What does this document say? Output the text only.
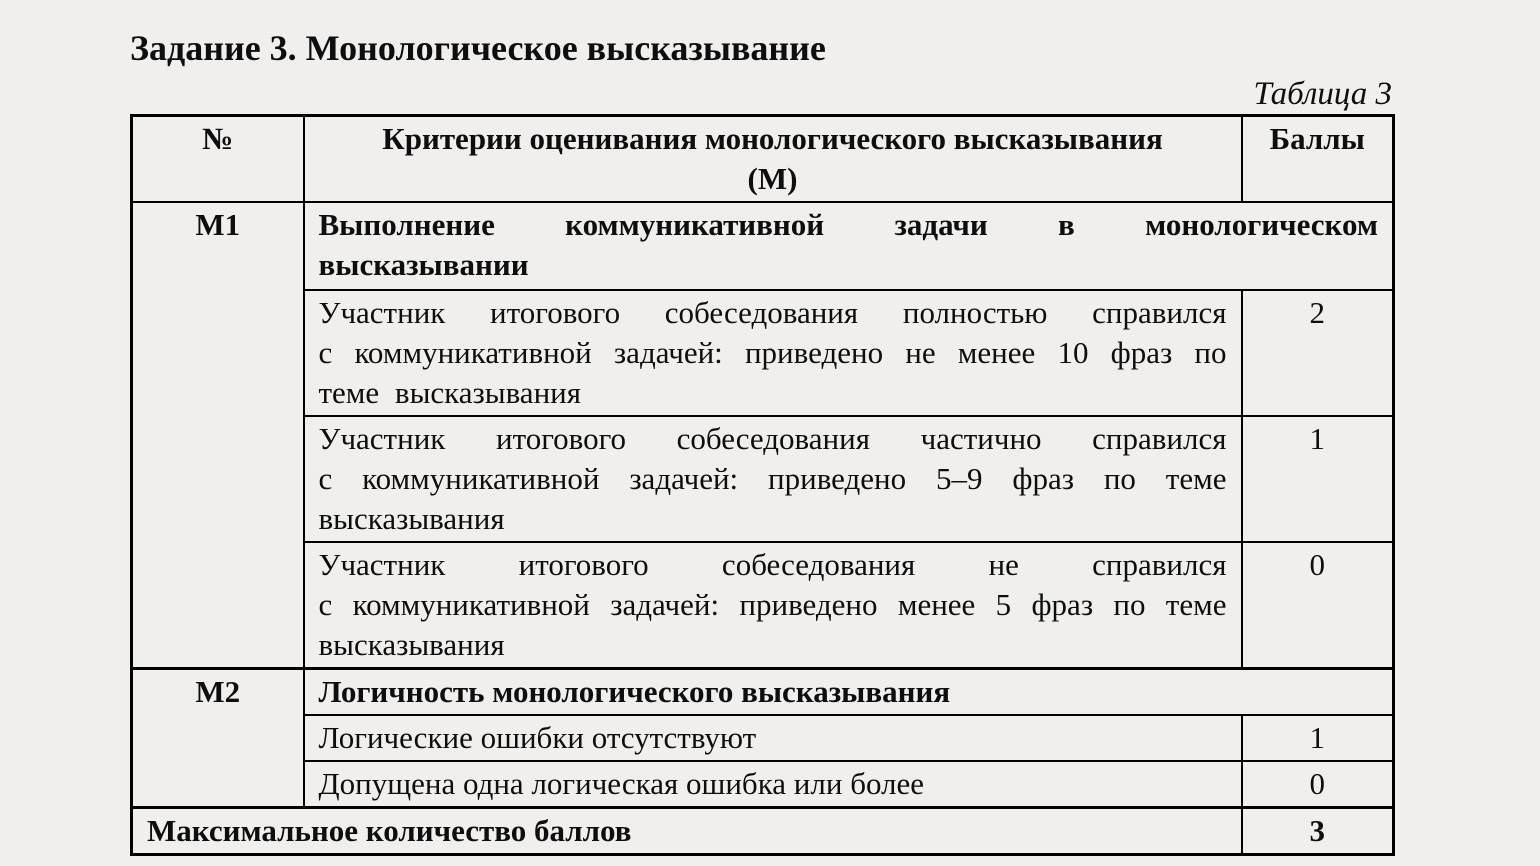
Задание 3. Монологическое высказывание
Таблица 3
№	Критерии оценивания монологического высказывания (М)	Баллы
М1	Выполнение коммуникативной задачи в монологическом высказывании	
	Участник итогового собеседования полностью справился с коммуникативной задачей: приведено не менее 10 фраз по теме высказывания	2
	Участник итогового собеседования частично справился с коммуникативной задачей: приведено 5–9 фраз по теме высказывания	1
	Участник итогового собеседования не справился с коммуникативной задачей: приведено менее 5 фраз по теме высказывания	0
М2	Логичность монологического высказывания	
	Логические ошибки отсутствуют	1
	Допущена одна логическая ошибка или более	0
Максимальное количество баллов		3
